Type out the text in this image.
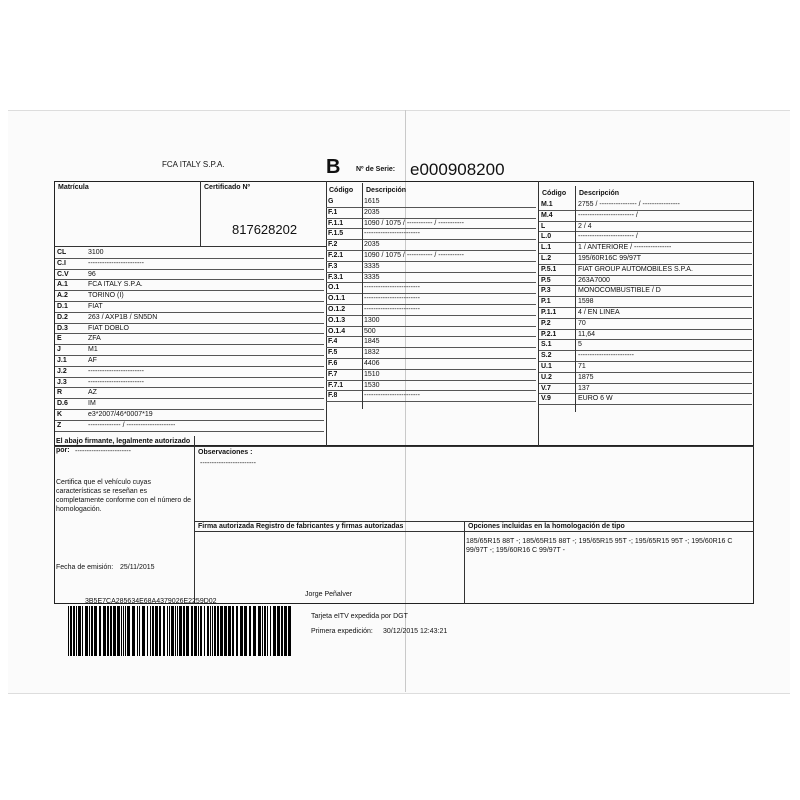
FCA ITALY S.P.A.	B Nº de Serie: e000908200
Matrícula	Certificado Nº
817628202
CL	3100
C.I	------------------------
C.V	96
A.1	FCA ITALY S.P.A.
A.2	TORINO (I)
D.1	FIAT
D.2	263 / AXP1B / SN5DN
D.3	FIAT DOBLO
E	ZFA
J	M1
J.1	AF
J.2	------------------------
J.3	------------------------
R	AZ
D.6	IM
K	e3*2007/46*0007*19
Z	-------------- / ---------------------
G	1615
F.1	2035
F.1.1	1090 / 1075 / ----------- / -----------
F.1.5	------------------------
F.2	2035
F.2.1	1090 / 1075 / ----------- / -----------
F.3	3335
F.3.1	3335
O.1	------------------------
O.1.1	------------------------
O.1.2	------------------------
O.1.3	1300
O.1.4	500
F.4	1845
F.5	1832
F.6	4406
F.7	1510
F.7.1	1530
F.8	------------------------
M.1	2755 / ---------------- / ----------------
M.4	------------------------ /
L	2 / 4
L.0	------------------------ /
L.1	1 / ANTERIORE / ----------------
L.2	195/60R16C 99/97T
P.5.1	FIAT GROUP AUTOMOBILES S.P.A.
P.5	263A7000
P.3	MONOCOMBUSTIBLE / D
P.1	1598
P.1.1	4 / EN LINEA
P.2	70
P.2.1	11,64
S.1	5
S.2	------------------------
U.1	71
U.2	1875
V.7	137
V.9	EURO 6 W
Código Descripción	Código Descripción
El abajo firmante, legalmente autorizado por: ------------------------
Certifica que el vehículo cuyas características se reseñan es completamente conforme con el número de homologación.
Fecha de emisión: 25/11/2015
Observaciones :
------------------------
Firma autorizada Registro de fabricantes y firmas autorizadas	Opciones incluidas en la homologación de tipo
185/65R15 88T -; 185/65R15 88T -; 195/65R15 95T -; 195/65R15 95T -; 195/60R16 C 99/97T -; 195/60R16 C 99/97T -
Jorge Peñalver
3B5E7CA285634E68A4379026E2259D02
Tarjeta eITV expedida por DGT
Primera expedición: 30/12/2015 12:43:21
